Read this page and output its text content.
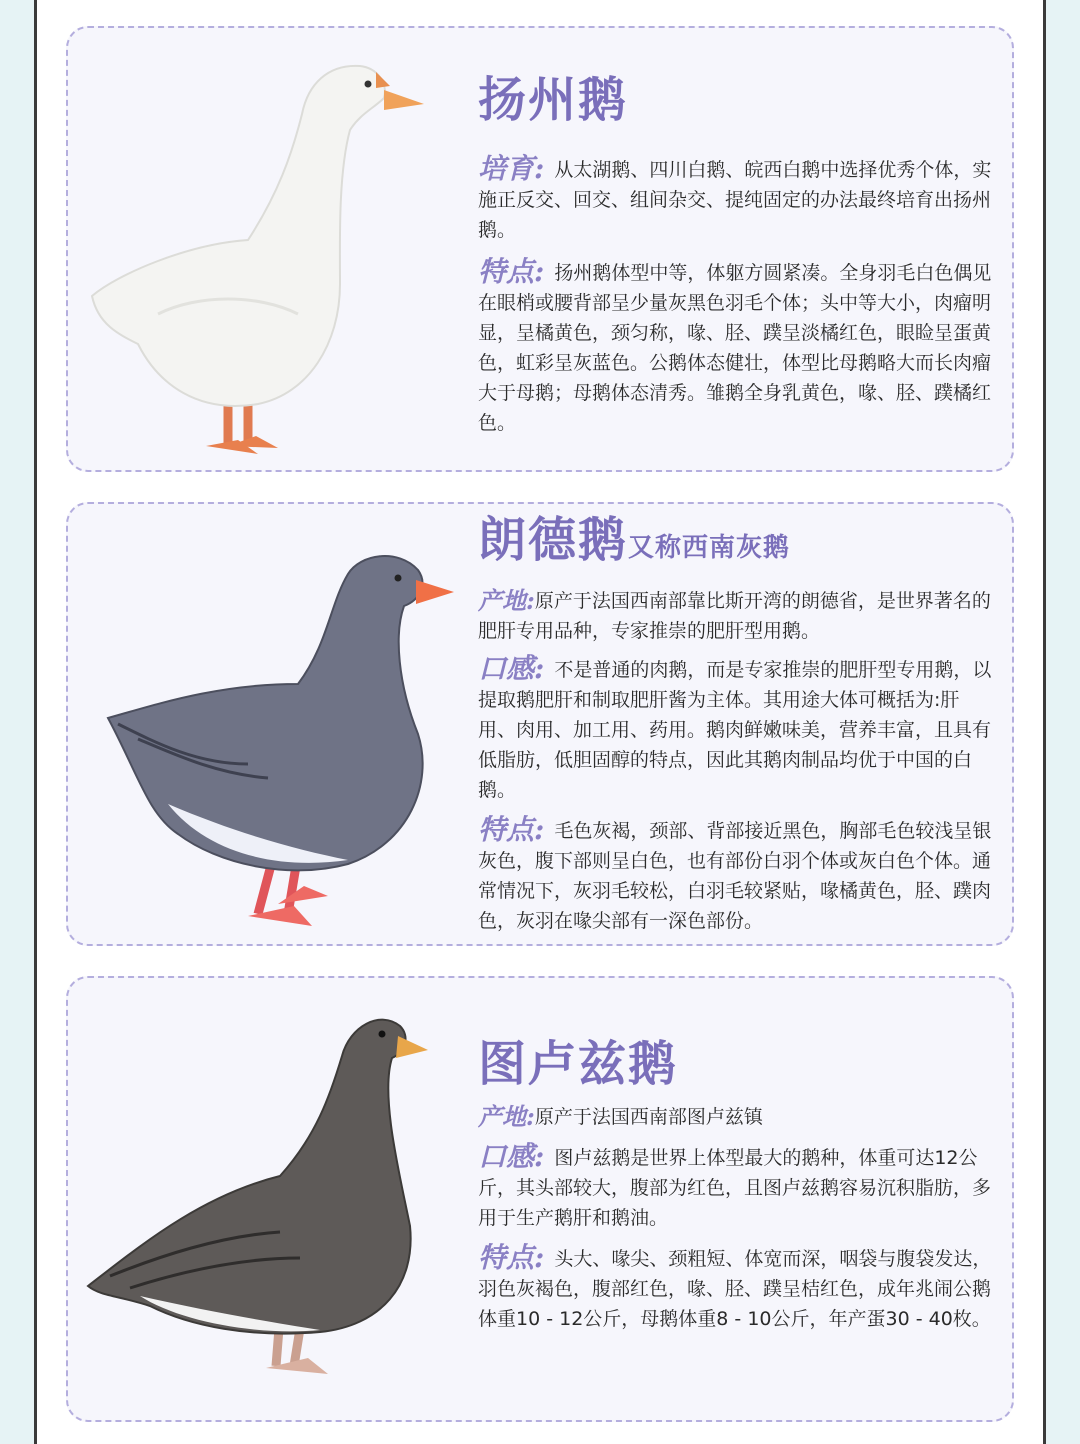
扬州鹅
培育: 从太湖鹅、四川白鹅、皖西白鹅中选择优秀个体，实施正反交、回交、组间杂交、提纯固定的办法最终培育出扬州鹅。
特点: 扬州鹅体型中等，体躯方圆紧凑。全身羽毛白色偶见在眼梢或腰背部呈少量灰黑色羽毛个体；头中等大小，肉瘤明显，呈橘黄色，颈匀称，喙、胫、蹼呈淡橘红色，眼睑呈蛋黄色，虹彩呈灰蓝色。公鹅体态健壮，体型比母鹅略大而长肉瘤大于母鹅；母鹅体态清秀。雏鹅全身乳黄色，喙、胫、蹼橘红色。
朗德鹅又称西南灰鹅
产地:原产于法国西南部靠比斯开湾的朗德省，是世界著名的肥肝专用品种，专家推崇的肥肝型用鹅。
口感: 不是普通的肉鹅，而是专家推崇的肥肝型专用鹅，以提取鹅肥肝和制取肥肝酱为主体。其用途大体可概括为:肝用、肉用、加工用、药用。鹅肉鲜嫩味美，营养丰富，且具有低脂肪，低胆固醇的特点，因此其鹅肉制品均优于中国的白鹅。
特点: 毛色灰褐，颈部、背部接近黑色，胸部毛色较浅呈银灰色，腹下部则呈白色，也有部份白羽个体或灰白色个体。通常情况下，灰羽毛较松，白羽毛较紧贴，喙橘黄色，胫、蹼肉色，灰羽在喙尖部有一深色部份。
图卢兹鹅
产地:原产于法国西南部图卢兹镇
口感: 图卢兹鹅是世界上体型最大的鹅种，体重可达12公斤，其头部较大，腹部为红色，且图卢兹鹅容易沉积脂肪，多用于生产鹅肝和鹅油。
特点: 头大、喙尖、颈粗短、体宽而深，咽袋与腹袋发达，羽色灰褐色，腹部红色，喙、胫、蹼呈桔红色，成年兆闹公鹅体重10 - 12公斤，母鹅体重8 - 10公斤，年产蛋30 - 40枚。
